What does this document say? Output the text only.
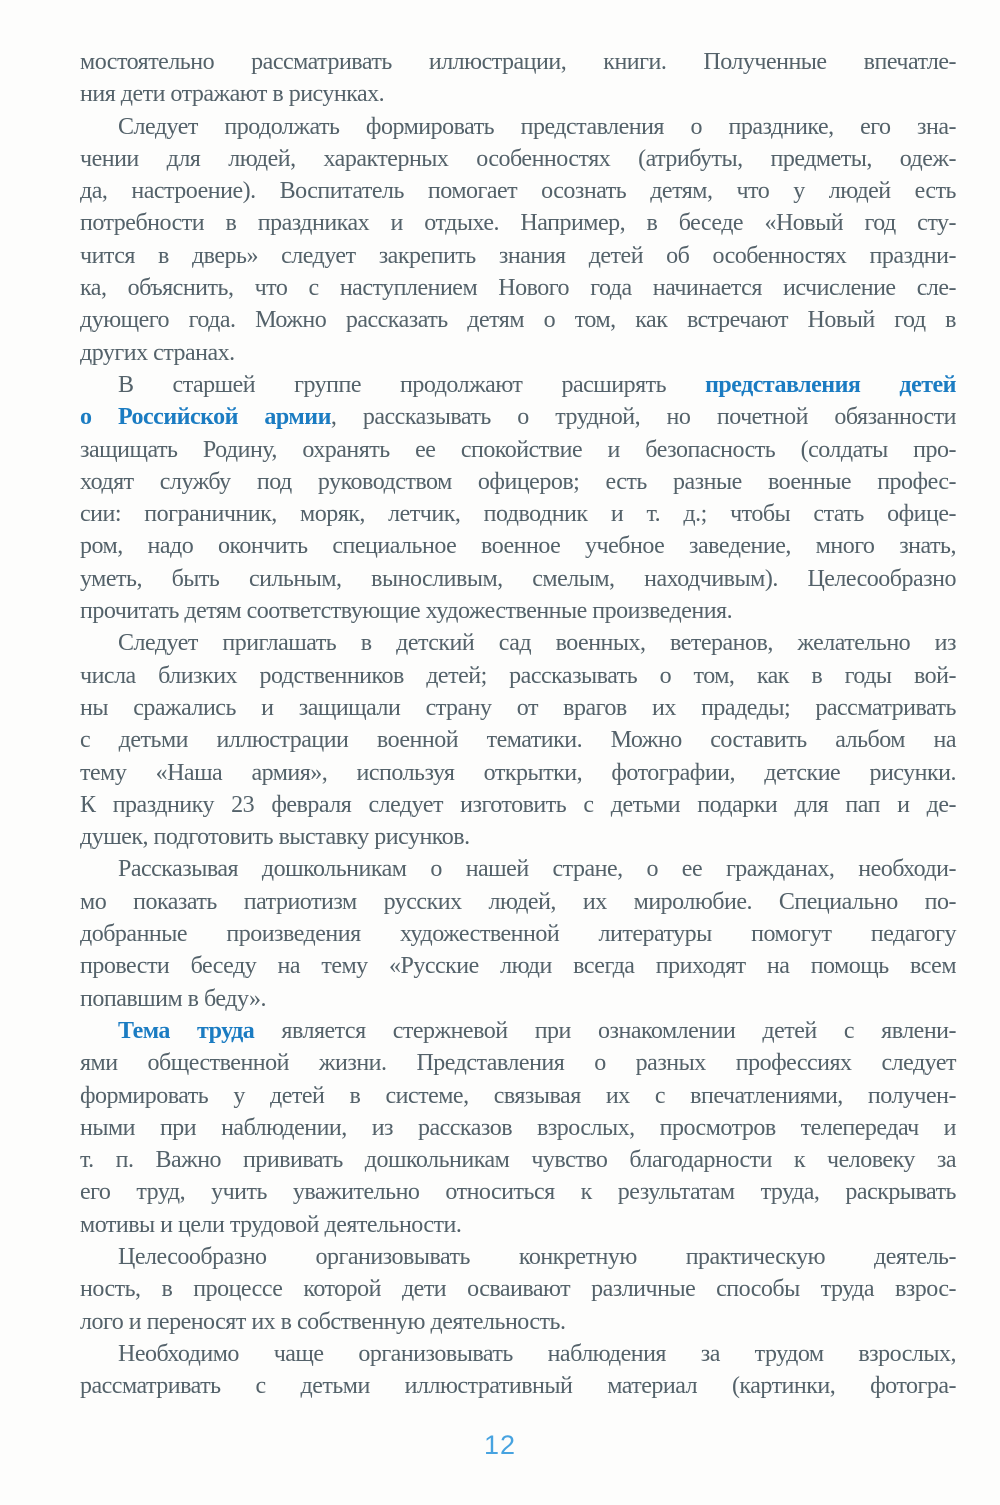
мостоятельно рассматривать иллюстрации, книги. Полученные впечатле-
ния дети отражают в рисунках.
Следует продолжать формировать представления о празднике, его зна-
чении для людей, характерных особенностях (атрибуты, предметы, одеж-
да, настроение). Воспитатель помогает осознать детям, что у людей есть
потребности в праздниках и отдыхе. Например, в беседе «Новый год сту-
чится в дверь» следует закрепить знания детей об особенностях праздни-
ка, объяснить, что с наступлением Нового года начинается исчисление сле-
дующего года. Можно рассказать детям о том, как встречают Новый год в
других странах.
В старшей группе продолжают расширять представления детей
о Российской армии, рассказывать о трудной, но почетной обязанности
защищать Родину, охранять ее спокойствие и безопасность (солдаты про-
ходят службу под руководством офицеров; есть разные военные профес-
сии: пограничник, моряк, летчик, подводник и т. д.; чтобы стать офице-
ром, надо окончить специальное военное учебное заведение, много знать,
уметь, быть сильным, выносливым, смелым, находчивым). Целесообразно
прочитать детям соответствующие художественные произведения.
Следует приглашать в детский сад военных, ветеранов, желательно из
числа близких родственников детей; рассказывать о том, как в годы вой-
ны сражались и защищали страну от врагов их прадеды; рассматривать
с детьми иллюстрации военной тематики. Можно составить альбом на
тему «Наша армия», используя открытки, фотографии, детские рисунки.
К празднику 23 февраля следует изготовить с детьми подарки для пап и де-
душек, подготовить выставку рисунков.
Рассказывая дошкольникам о нашей стране, о ее гражданах, необходи-
мо показать патриотизм русских людей, их миролюбие. Специально по-
добранные произведения художественной литературы помогут педагогу
провести беседу на тему «Русские люди всегда приходят на помощь всем
попавшим в беду».
Тема труда является стержневой при ознакомлении детей с явлени-
ями общественной жизни. Представления о разных профессиях следует
формировать у детей в системе, связывая их с впечатлениями, получен-
ными при наблюдении, из рассказов взрослых, просмотров телепередач и
т. п. Важно прививать дошкольникам чувство благодарности к человеку за
его труд, учить уважительно относиться к результатам труда, раскрывать
мотивы и цели трудовой деятельности.
Целесообразно организовывать конкретную практическую деятель-
ность, в процессе которой дети осваивают различные способы труда взрос-
лого и переносят их в собственную деятельность.
Необходимо чаще организовывать наблюдения за трудом взрослых,
рассматривать с детьми иллюстративный материал (картинки, фотогра-
12
